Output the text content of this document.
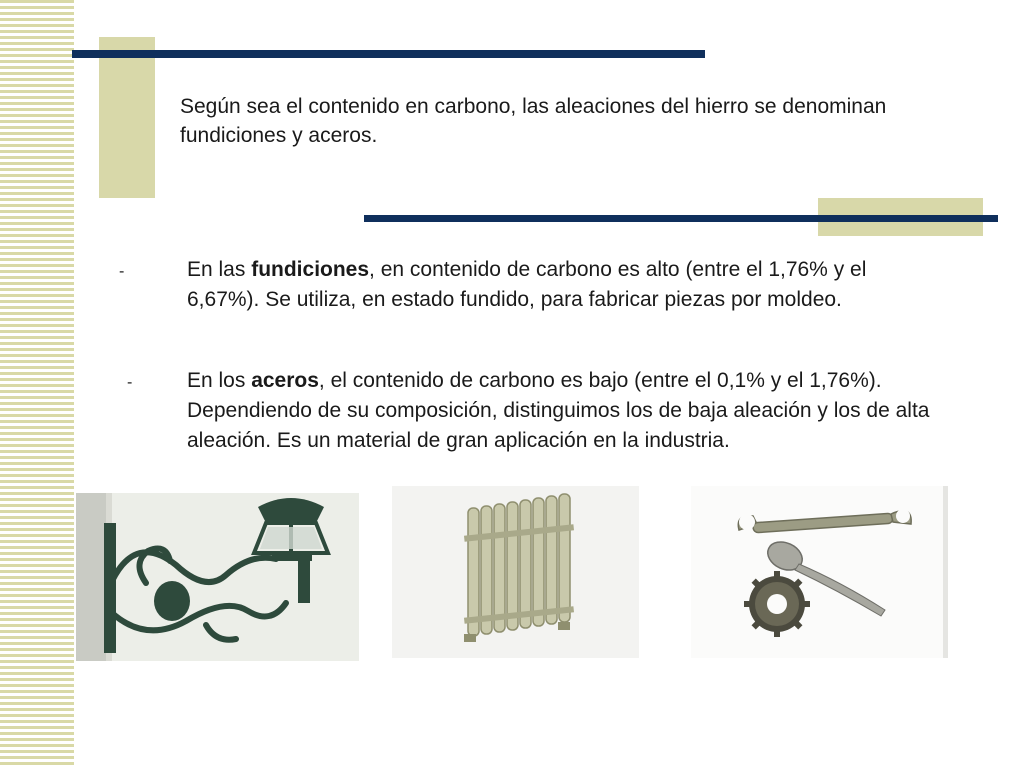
Según sea el contenido en carbono, las aleaciones del hierro se denominan fundiciones y aceros.

-	En las fundiciones, en contenido de carbono es alto (entre el 1,76% y el 6,67%). Se utiliza, en estado fundido, para fabricar piezas por moldeo.

-	En los aceros, el contenido de carbono es bajo (entre el 0,1% y el 1,76%). Dependiendo de su composición, distinguimos los de baja aleación y los de alta aleación. Es un material de gran aplicación en la industria.
